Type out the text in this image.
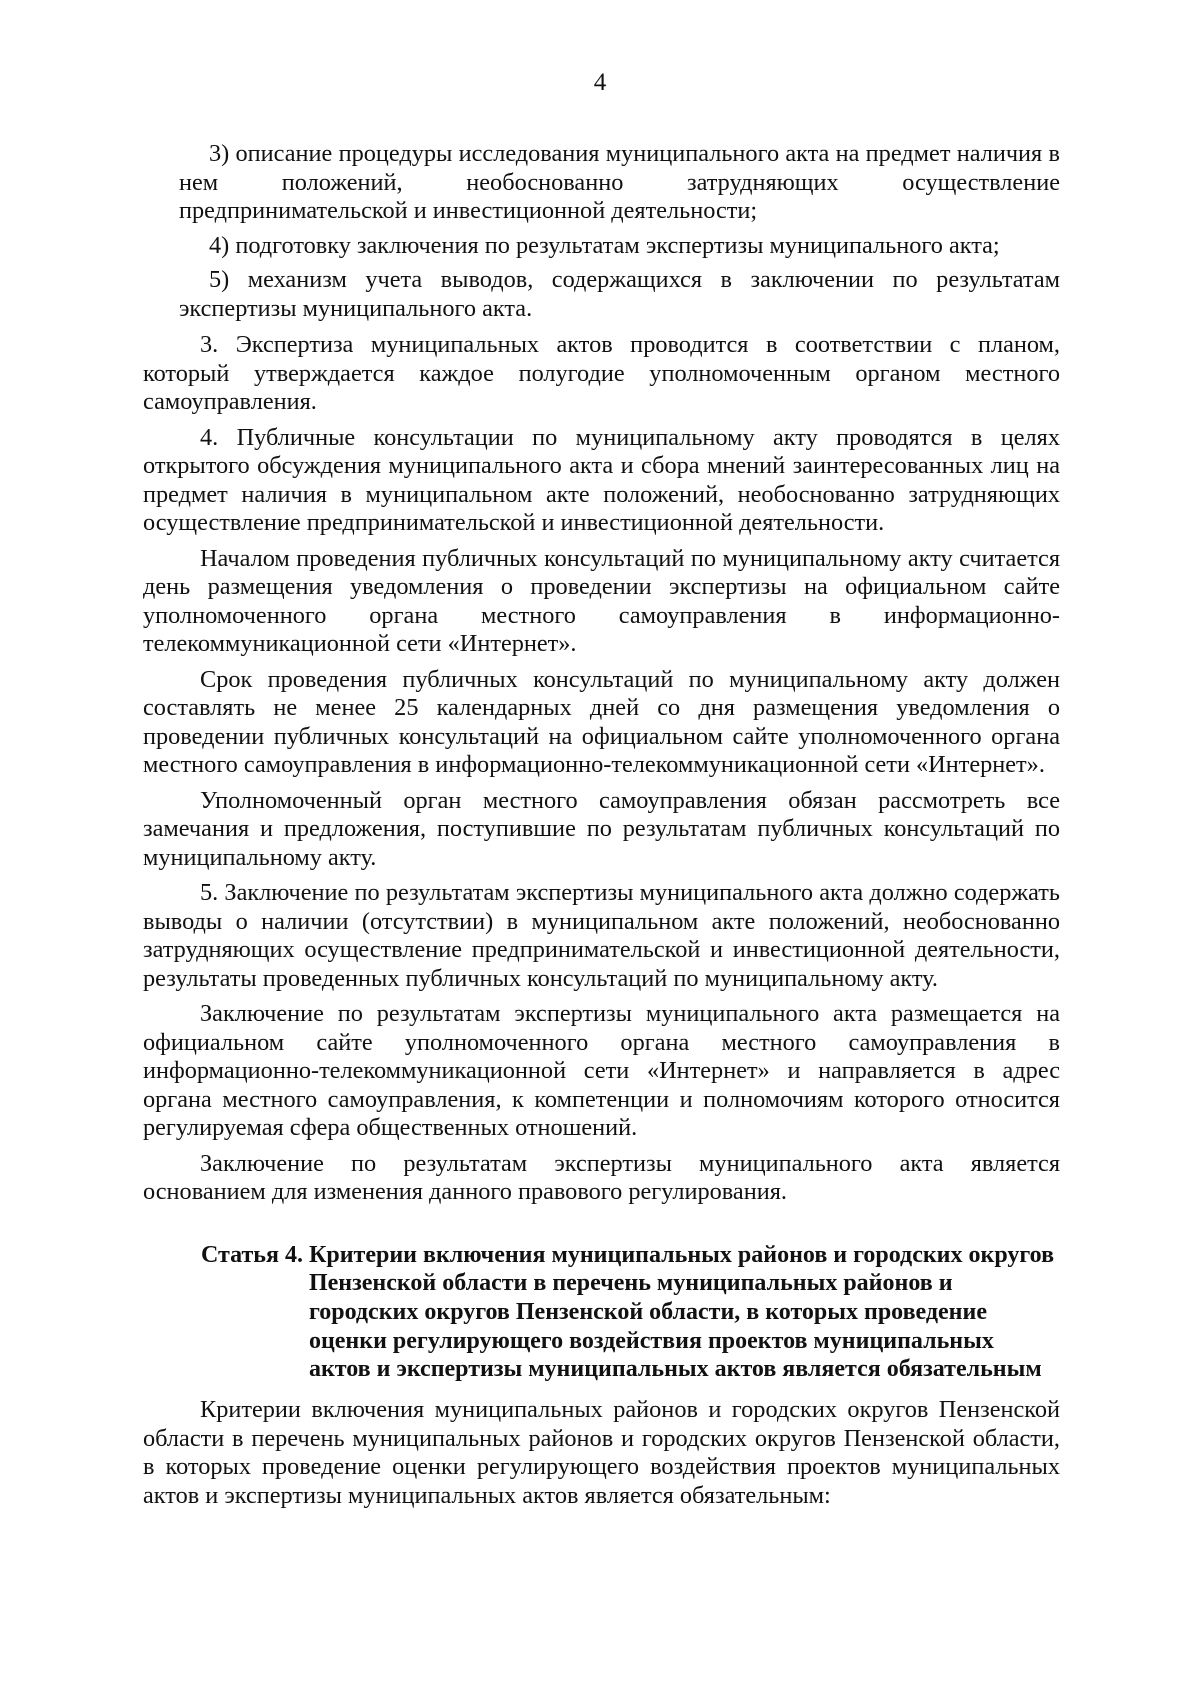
4

3) описание процедуры исследования муниципального акта на предмет наличия в нем положений, необоснованно затрудняющих осуществление предпринимательской и инвестиционной деятельности;

4) подготовку заключения по результатам экспертизы муниципального акта;

5) механизм учета выводов, содержащихся в заключении по результатам экспертизы муниципального акта.

3. Экспертиза муниципальных актов проводится в соответствии с планом, который утверждается каждое полугодие уполномоченным органом местного самоуправления.

4. Публичные консультации по муниципальному акту проводятся в целях открытого обсуждения муниципального акта и сбора мнений заинтересованных лиц на предмет наличия в муниципальном акте положений, необоснованно затрудняющих осуществление предпринимательской и инвестиционной деятельности.

Началом проведения публичных консультаций по муниципальному акту считается день размещения уведомления о проведении экспертизы на официальном сайте уполномоченного органа местного самоуправления в информационно-телекоммуникационной сети «Интернет».

Срок проведения публичных консультаций по муниципальному акту должен составлять не менее 25 календарных дней со дня размещения уведомления о проведении публичных консультаций на официальном сайте уполномоченного органа местного самоуправления в информационно-телекоммуникационной сети «Интернет».

Уполномоченный орган местного самоуправления обязан рассмотреть все замечания и предложения, поступившие по результатам публичных консультаций по муниципальному акту.

5. Заключение по результатам экспертизы муниципального акта должно содержать выводы о наличии (отсутствии) в муниципальном акте положений, необоснованно затрудняющих осуществление предпринимательской и инвестиционной деятельности, результаты проведенных публичных консультаций по муниципальному акту.

Заключение по результатам экспертизы муниципального акта размещается на официальном сайте уполномоченного органа местного самоуправления в информационно-телекоммуникационной сети «Интернет» и направляется в адрес органа местного самоуправления, к компетенции и полномочиям которого относится регулируемая сфера общественных отношений.

Заключение по результатам экспертизы муниципального акта является основанием для изменения данного правового регулирования.

Статья 4. Критерии включения муниципальных районов и городских округов Пензенской области в перечень муниципальных районов и городских округов Пензенской области, в которых проведение оценки регулирующего воздействия проектов муниципальных актов и экспертизы муниципальных актов является обязательным

Критерии включения муниципальных районов и городских округов Пензенской области в перечень муниципальных районов и городских округов Пензенской области, в которых проведение оценки регулирующего воздействия проектов муниципальных актов и экспертизы муниципальных актов является обязательным:
